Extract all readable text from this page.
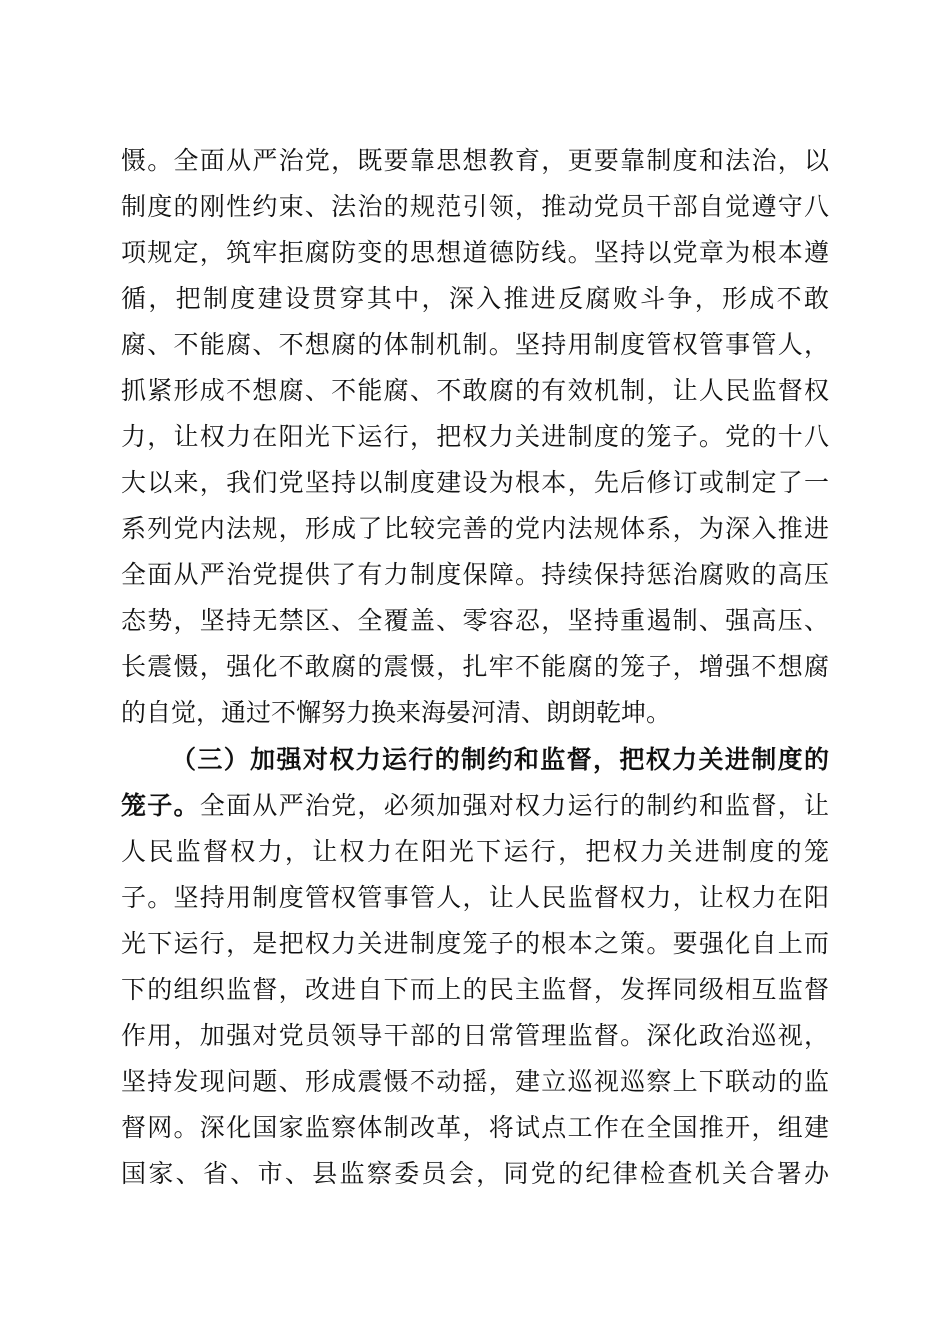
慑。全面从严治党，既要靠思想教育，更要靠制度和法治，以
制度的刚性约束、法治的规范引领，推动党员干部自觉遵守八
项规定，筑牢拒腐防变的思想道德防线。坚持以党章为根本遵
循，把制度建设贯穿其中，深入推进反腐败斗争，形成不敢
腐、不能腐、不想腐的体制机制。坚持用制度管权管事管人，
抓紧形成不想腐、不能腐、不敢腐的有效机制，让人民监督权
力，让权力在阳光下运行，把权力关进制度的笼子。党的十八
大以来，我们党坚持以制度建设为根本，先后修订或制定了一
系列党内法规，形成了比较完善的党内法规体系，为深入推进
全面从严治党提供了有力制度保障。持续保持惩治腐败的高压
态势，坚持无禁区、全覆盖、零容忍，坚持重遏制、强高压、
长震慑，强化不敢腐的震慑，扎牢不能腐的笼子，增强不想腐
的自觉，通过不懈努力换来海晏河清、朗朗乾坤。
（三）加强对权力运行的制约和监督，把权力关进制度的
笼子。全面从严治党，必须加强对权力运行的制约和监督，让
人民监督权力，让权力在阳光下运行，把权力关进制度的笼
子。坚持用制度管权管事管人，让人民监督权力，让权力在阳
光下运行，是把权力关进制度笼子的根本之策。要强化自上而
下的组织监督，改进自下而上的民主监督，发挥同级相互监督
作用，加强对党员领导干部的日常管理监督。深化政治巡视，
坚持发现问题、形成震慑不动摇，建立巡视巡察上下联动的监
督网。深化国家监察体制改革，将试点工作在全国推开，组建
国家、省、市、县监察委员会，同党的纪律检查机关合署办
